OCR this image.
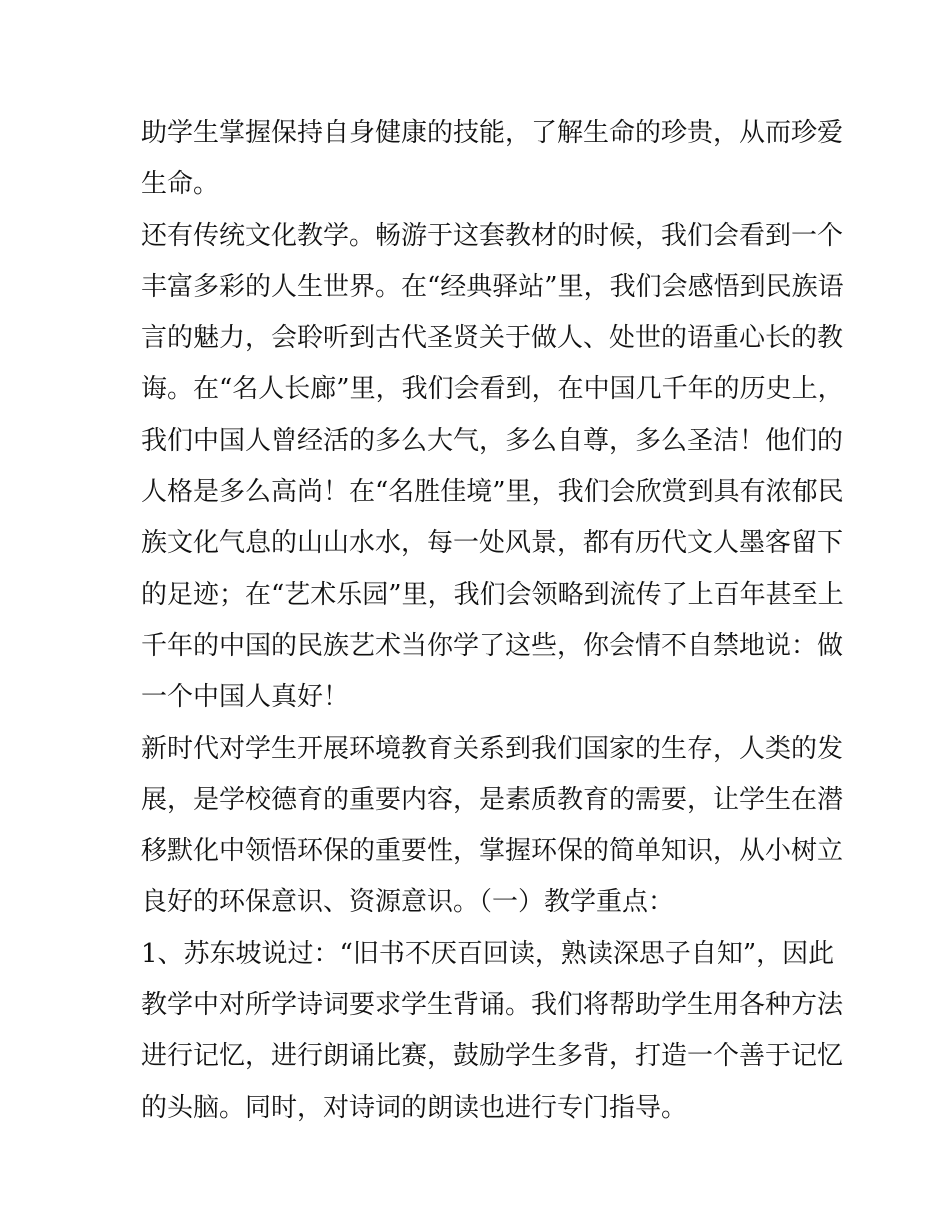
助学生掌握保持自身健康的技能，了解生命的珍贵，从而珍爱
生命。
还有传统文化教学。畅游于这套教材的时候，我们会看到一个
丰富多彩的人生世界。在“经典驿站”里，我们会感悟到民族语
言的魅力，会聆听到古代圣贤关于做人、处世的语重心长的教
诲。在“名人长廊”里，我们会看到，在中国几千年的历史上，
我们中国人曾经活的多么大气，多么自尊，多么圣洁！他们的
人格是多么高尚！在“名胜佳境”里，我们会欣赏到具有浓郁民
族文化气息的山山水水，每一处风景，都有历代文人墨客留下
的足迹；在“艺术乐园”里，我们会领略到流传了上百年甚至上
千年的中国的民族艺术当你学了这些，你会情不自禁地说：做
一个中国人真好！
新时代对学生开展环境教育关系到我们国家的生存，人类的发
展，是学校德育的重要内容，是素质教育的需要，让学生在潜
移默化中领悟环保的重要性，掌握环保的简单知识，从小树立
良好的环保意识、资源意识。（一）教学重点：
1、苏东坡说过：“旧书不厌百回读，熟读深思子自知”，因此
教学中对所学诗词要求学生背诵。我们将帮助学生用各种方法
进行记忆，进行朗诵比赛，鼓励学生多背，打造一个善于记忆
的头脑。同时，对诗词的朗读也进行专门指导。
